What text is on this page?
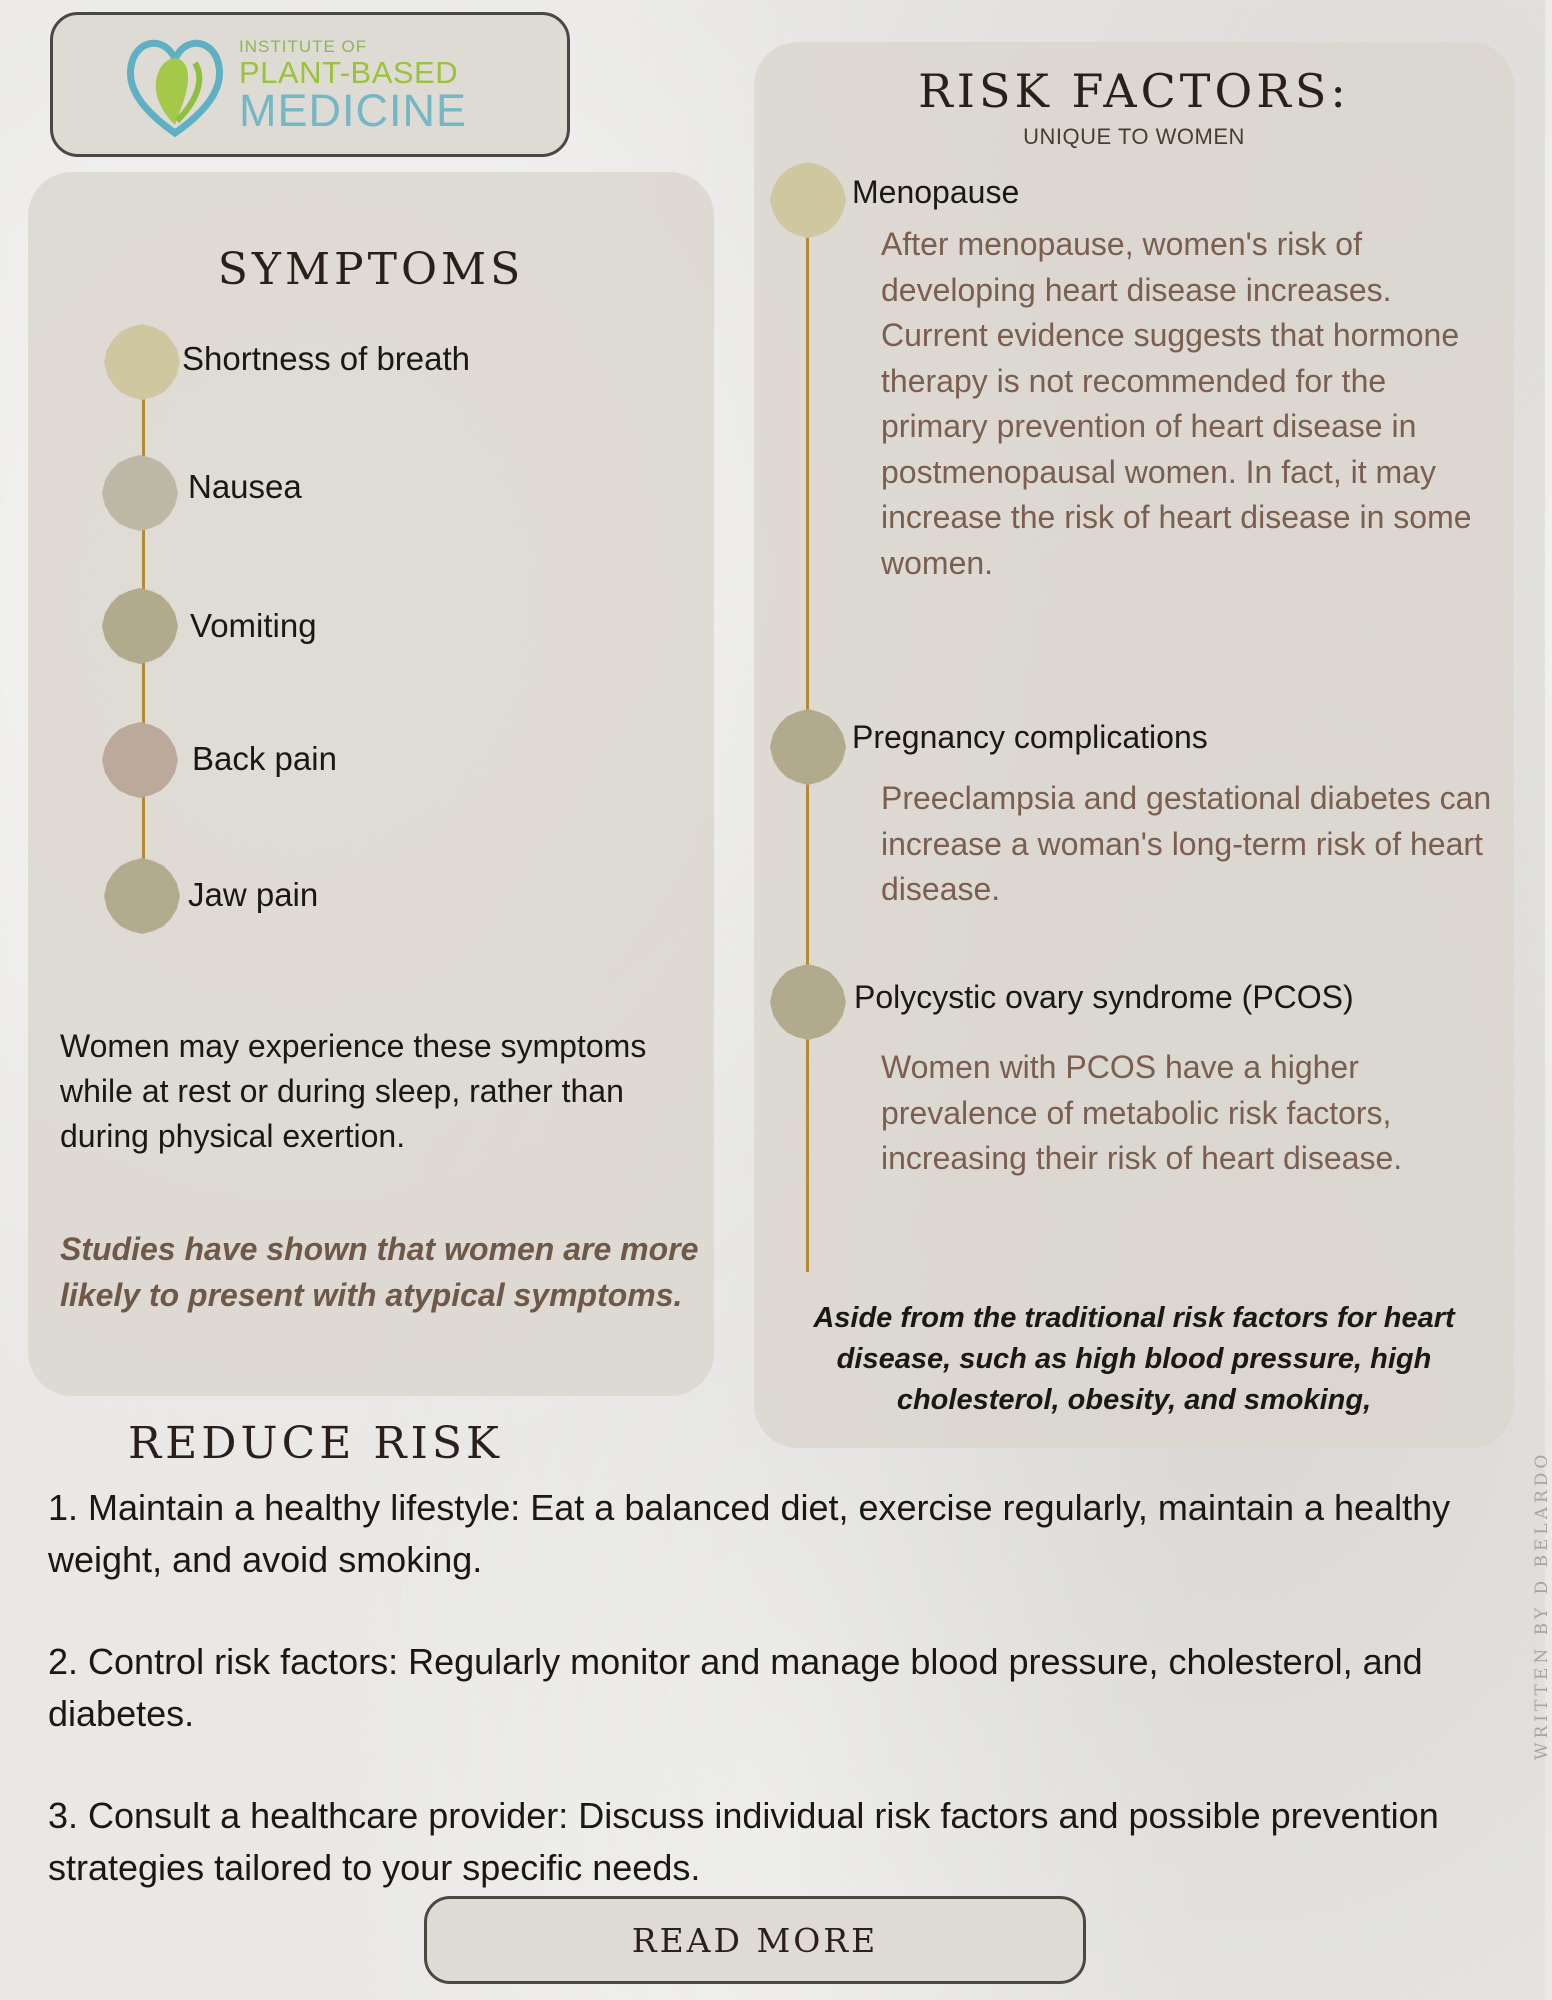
INSTITUTE OF
PLANT-BASED
MEDICINE
SYMPTOMS
Shortness of breath
Nausea
Vomiting
Back pain
Jaw pain
Women may experience these symptoms while at rest or during sleep, rather than during physical exertion.
Studies have shown that women are more likely to present with atypical symptoms.
RISK FACTORS:
UNIQUE TO WOMEN
Menopause
After menopause, women's risk of developing heart disease increases. Current evidence suggests that hormone therapy is not recommended for the primary prevention of heart disease in postmenopausal women. In fact, it may increase the risk of heart disease in some women.
Pregnancy complications
Preeclampsia and gestational diabetes can increase a woman's long-term risk of heart disease.
Polycystic ovary syndrome (PCOS)
Women with PCOS have a higher prevalence of metabolic risk factors, increasing their risk of heart disease.
Aside from the traditional risk factors for heart disease, such as high blood pressure, high cholesterol, obesity, and smoking,
REDUCE RISK
1. Maintain a healthy lifestyle: Eat a balanced diet, exercise regularly, maintain a healthy weight, and avoid smoking.
2. Control risk factors: Regularly monitor and manage blood pressure, cholesterol, and diabetes.
3. Consult a healthcare provider: Discuss individual risk factors and possible prevention strategies tailored to your specific needs.
READ MORE
WRITTEN BY D BELARDO
